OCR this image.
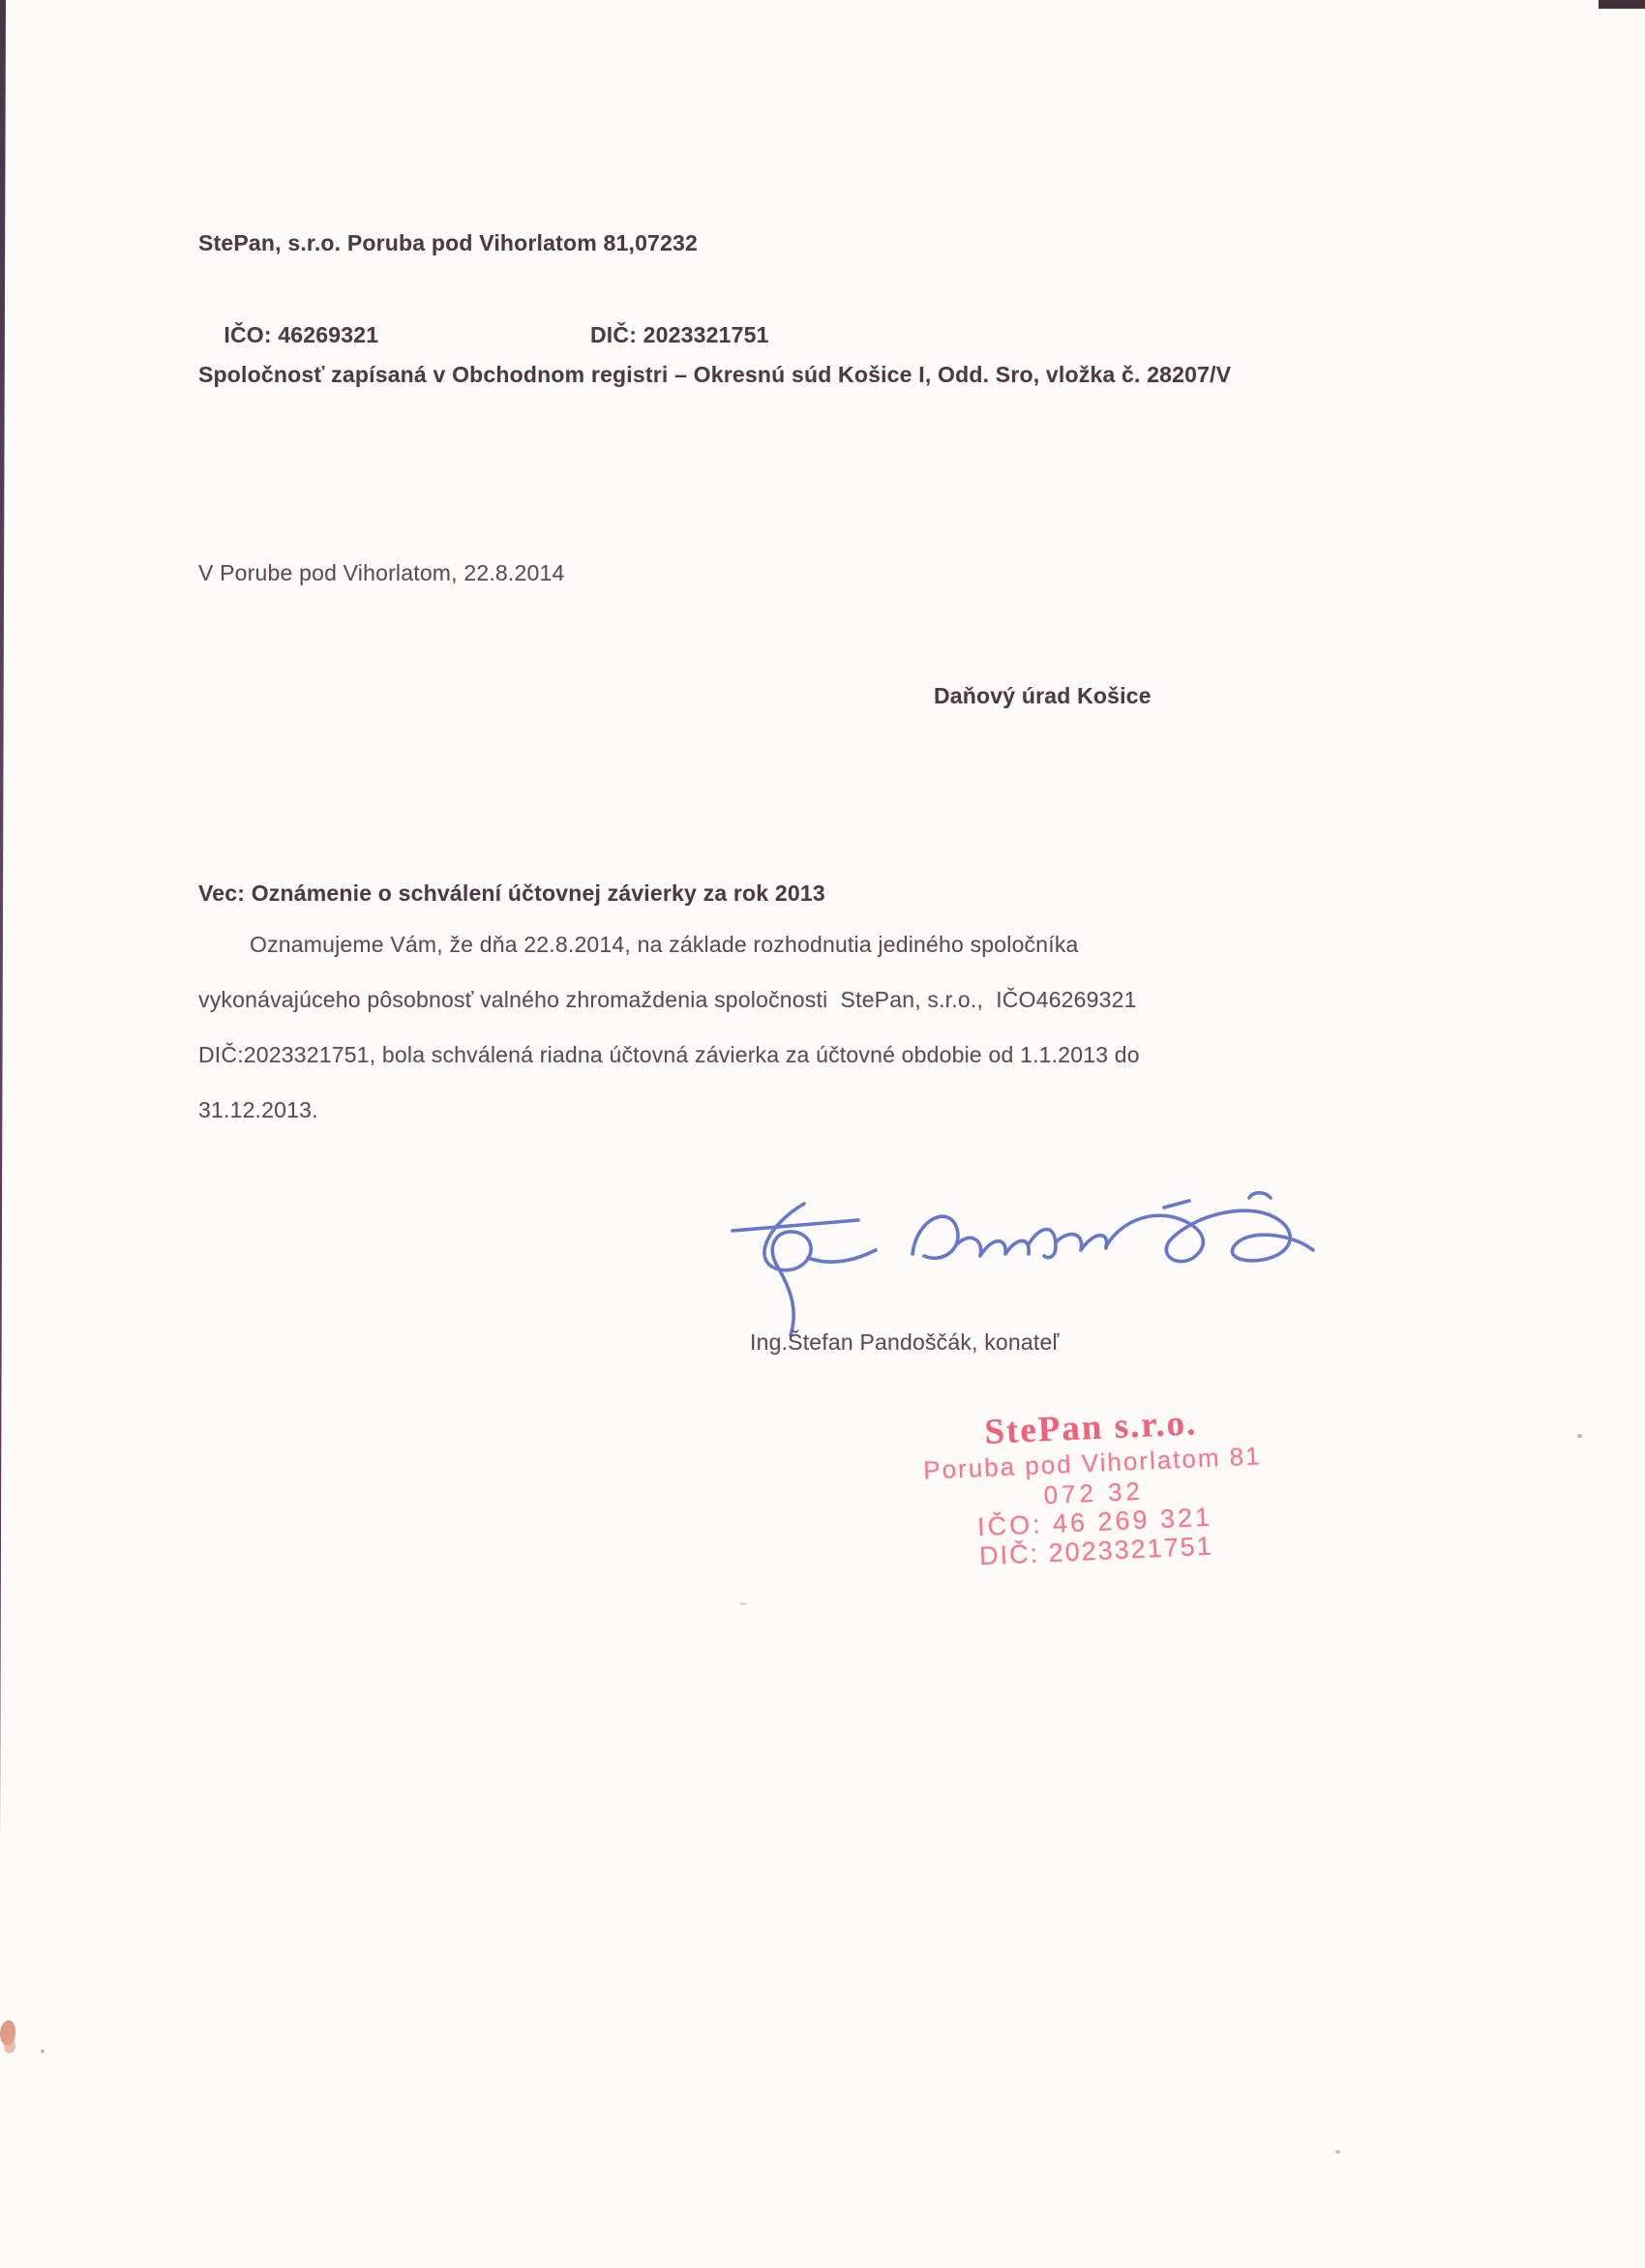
StePan, s.r.o. Poruba pod Vihorlatom 81,07232

IČO: 46269321	DIČ: 2023321751

Spoločnosť zapísaná v Obchodnom registri – Okresnú súd Košice I, Odd. Sro, vložka č. 28207/V
V Porube pod Vihorlatom, 22.8.2014
Daňový úrad Košice
Vec: Oznámenie o schválení účtovnej závierky za rok 2013
Oznamujeme Vám, že dňa 22.8.2014, na základe rozhodnutia jediného spoločníka
vykonávajúceho pôsobnosť valného zhromaždenia spoločnosti  StePan, s.r.o.,  IČO46269321
DIČ:2023321751, bola schválená riadna účtovná závierka za účtovné obdobie od 1.1.2013 do
31.12.2013.
Ing.Štefan Pandoščák, konateľ
StePan s.r.o.
Poruba pod Vihorlatom 81
072 32
IČO: 46 269 321
DIČ: 2023321751
